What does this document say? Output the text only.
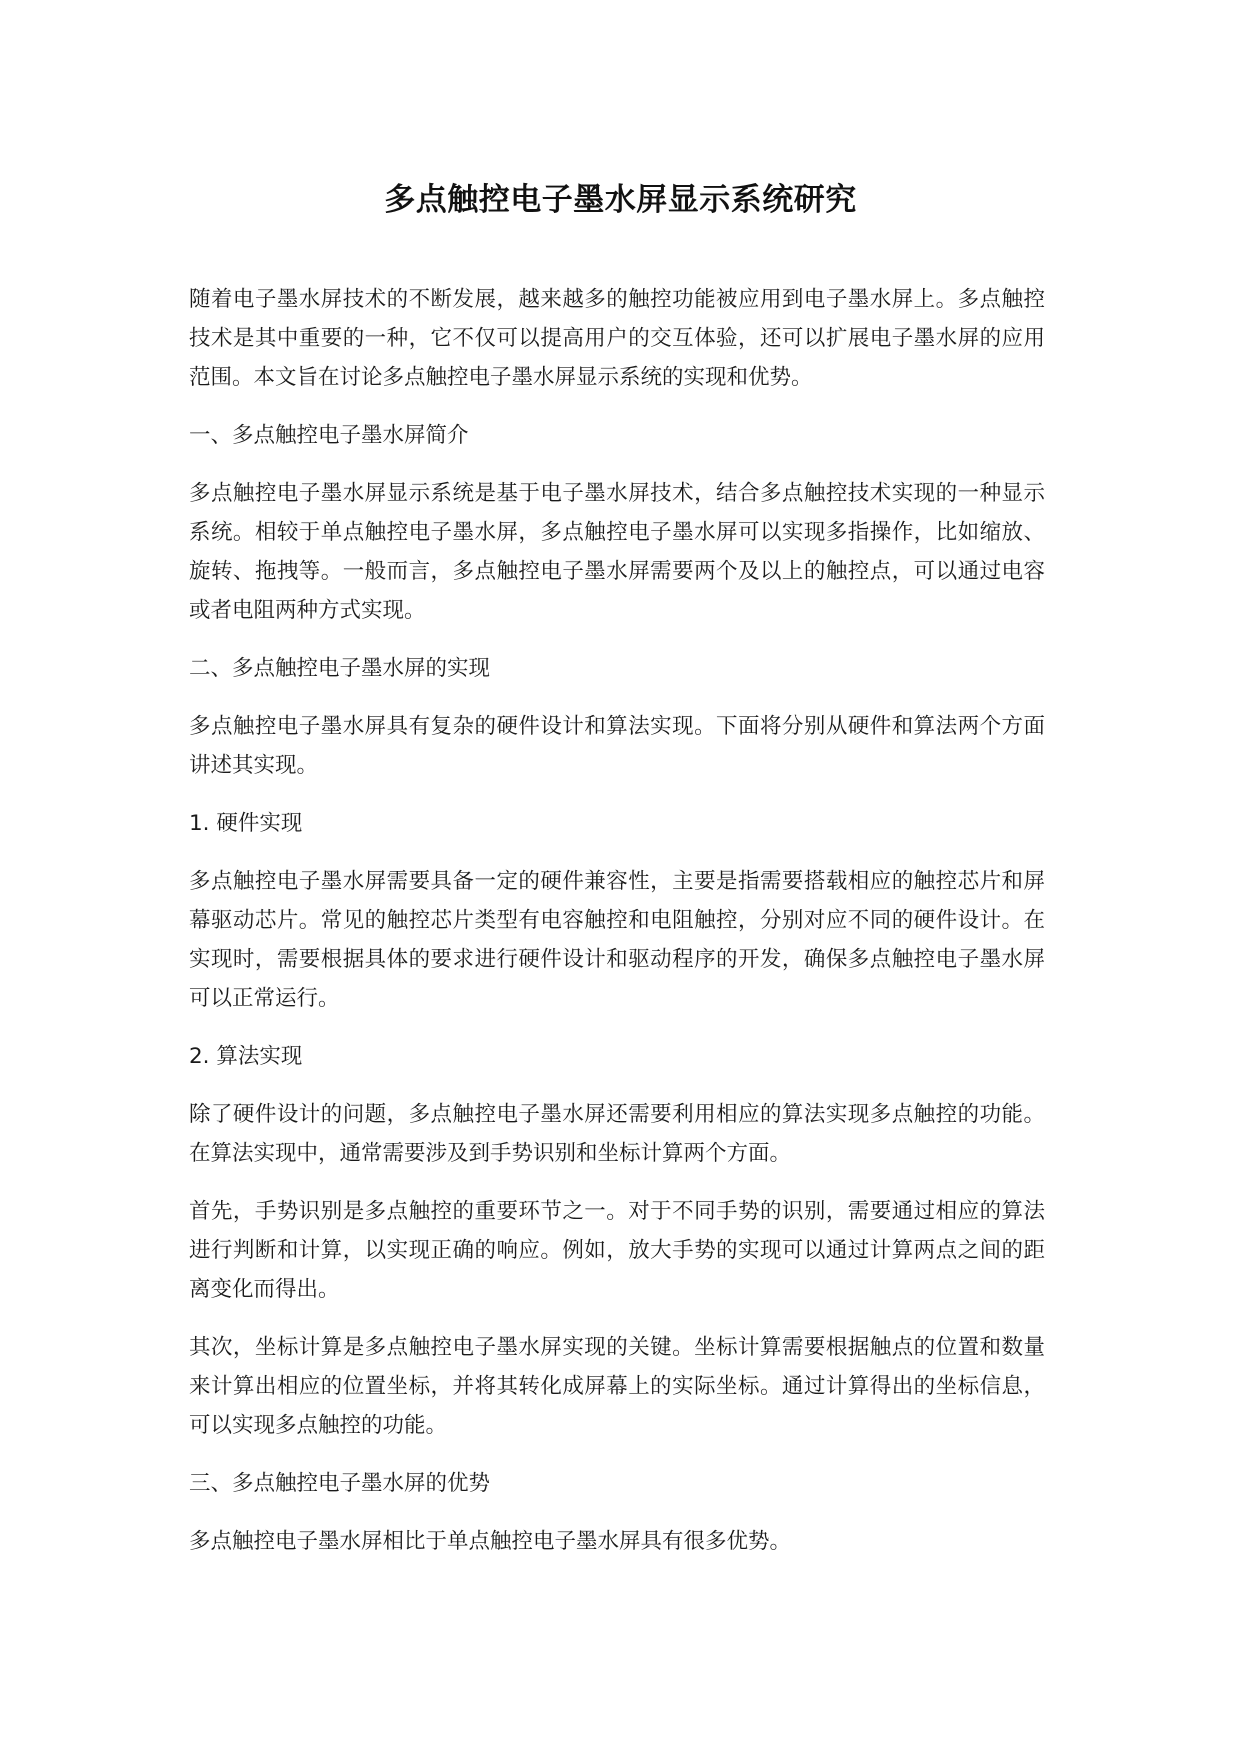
多点触控电子墨水屏显示系统研究

随着电子墨水屏技术的不断发展，越来越多的触控功能被应用到电子墨水屏上。多点触控技术是其中重要的一种，它不仅可以提高用户的交互体验，还可以扩展电子墨水屏的应用范围。本文旨在讨论多点触控电子墨水屏显示系统的实现和优势。

一、多点触控电子墨水屏简介

多点触控电子墨水屏显示系统是基于电子墨水屏技术，结合多点触控技术实现的一种显示系统。相较于单点触控电子墨水屏，多点触控电子墨水屏可以实现多指操作，比如缩放、旋转、拖拽等。一般而言，多点触控电子墨水屏需要两个及以上的触控点，可以通过电容或者电阻两种方式实现。

二、多点触控电子墨水屏的实现

多点触控电子墨水屏具有复杂的硬件设计和算法实现。下面将分别从硬件和算法两个方面讲述其实现。

1. 硬件实现

多点触控电子墨水屏需要具备一定的硬件兼容性，主要是指需要搭载相应的触控芯片和屏幕驱动芯片。常见的触控芯片类型有电容触控和电阻触控，分别对应不同的硬件设计。在实现时，需要根据具体的要求进行硬件设计和驱动程序的开发，确保多点触控电子墨水屏可以正常运行。

2. 算法实现

除了硬件设计的问题，多点触控电子墨水屏还需要利用相应的算法实现多点触控的功能。在算法实现中，通常需要涉及到手势识别和坐标计算两个方面。

首先，手势识别是多点触控的重要环节之一。对于不同手势的识别，需要通过相应的算法进行判断和计算，以实现正确的响应。例如，放大手势的实现可以通过计算两点之间的距离变化而得出。

其次，坐标计算是多点触控电子墨水屏实现的关键。坐标计算需要根据触点的位置和数量来计算出相应的位置坐标，并将其转化成屏幕上的实际坐标。通过计算得出的坐标信息，可以实现多点触控的功能。

三、多点触控电子墨水屏的优势

多点触控电子墨水屏相比于单点触控电子墨水屏具有很多优势。
